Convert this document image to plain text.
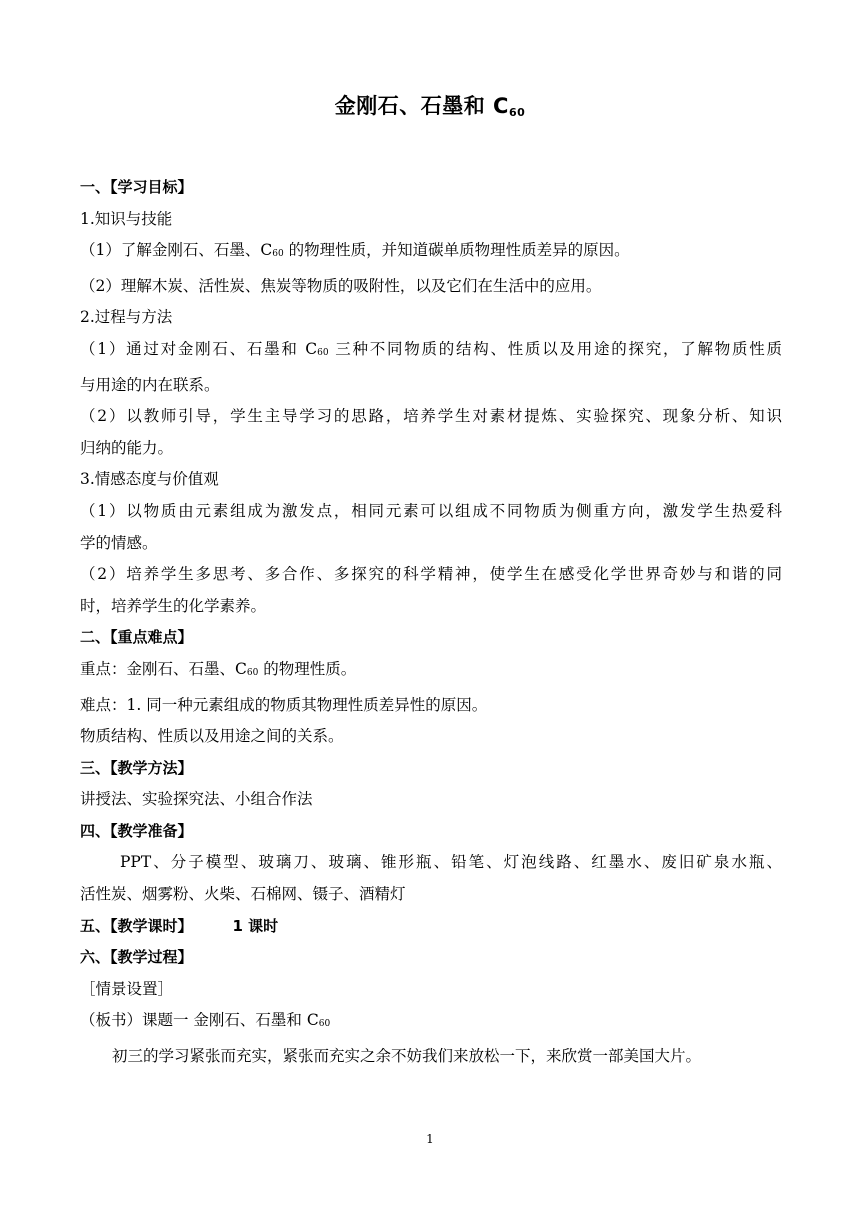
金刚石、石墨和 $C_{60}$
一、【学习目标】
1.知识与技能
（1）了解金刚石、石墨、$C_{60}$ 的物理性质，并知道碳单质物理性质差异的原因。
（2）理解木炭、活性炭、焦炭等物质的吸附性，以及它们在生活中的应用。
2.过程与方法
（1）通过对金刚石、石墨和 $C_{60}$ 三种不同物质的结构、性质以及用途的探究，了解物质性质
与用途的内在联系。
（2）以教师引导，学生主导学习的思路，培养学生对素材提炼、实验探究、现象分析、知识
归纳的能力。
3.情感态度与价值观
（1）以物质由元素组成为激发点，相同元素可以组成不同物质为侧重方向，激发学生热爱科
学的情感。
（2）培养学生多思考、多合作、多探究的科学精神，使学生在感受化学世界奇妙与和谐的同
时，培养学生的化学素养。
二、【重点难点】
重点：金刚石、石墨、$C_{60}$ 的物理性质。
难点：1. 同一种元素组成的物质其物理性质差异性的原因。
物质结构、性质以及用途之间的关系。
三、【教学方法】
讲授法、实验探究法、小组合作法
四、【教学准备】
PPT、分子模型、玻璃刀、玻璃、锥形瓶、铅笔、灯泡线路、红墨水、废旧矿泉水瓶、
活性炭、烟雾粉、火柴、石棉网、镊子、酒精灯
五、【教学课时】	1 课时
六、【教学过程】
［情景设置］
（板书）课题一 金刚石、石墨和 $C_{60}$
初三的学习紧张而充实，紧张而充实之余不妨我们来放松一下，来欣赏一部美国大片。
1
